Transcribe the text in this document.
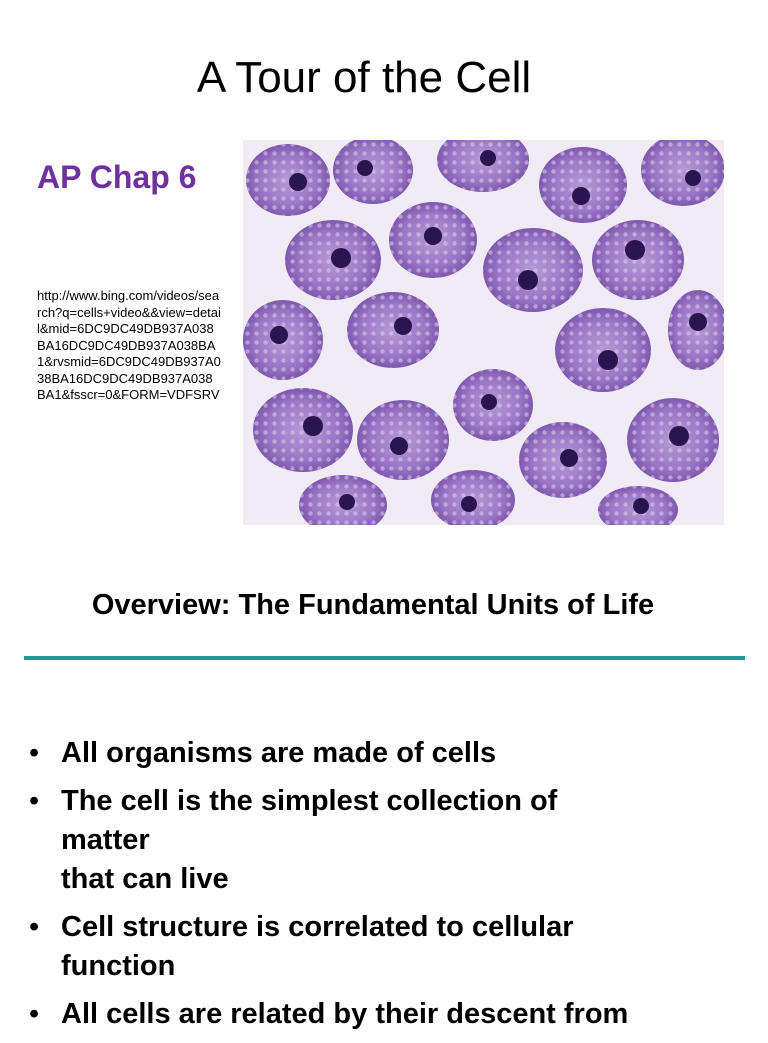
A Tour of the Cell
AP Chap 6
http://www.bing.com/videos/search?q=cells+video&&view=detail&mid=6DC9DC49DB937A038BA16DC9DC49DB937A038BA1&rvsmid=6DC9DC49DB937A038BA16DC9DC49DB937A038BA1&fsscr=0&FORM=VDFSRV
Overview: The Fundamental Units of Life
• All organisms are made of cells
• The cell is the simplest collection of
matter
that can live
• Cell structure is correlated to cellular
function
• All cells are related by their descent from
